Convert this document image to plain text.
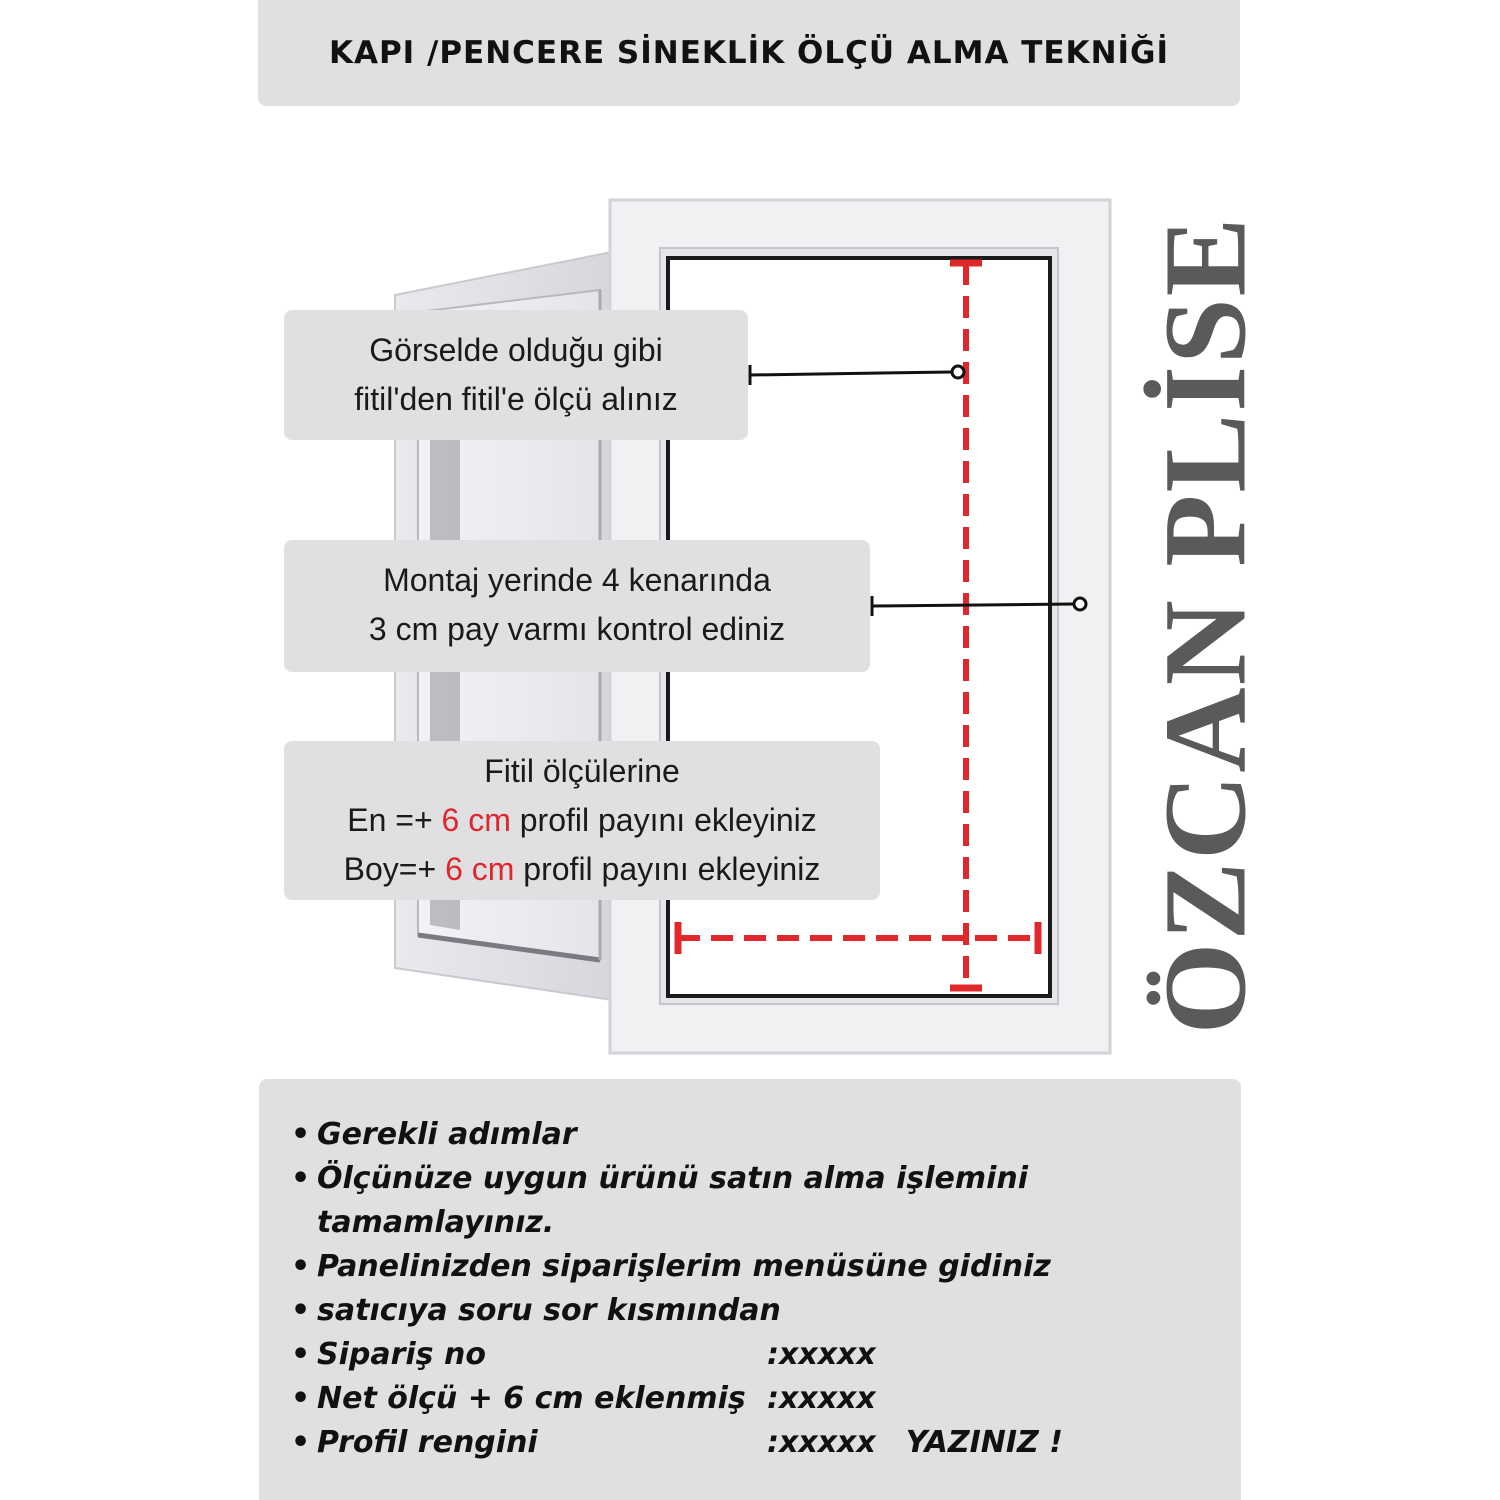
KAPI /PENCERE SİNEKLİK ÖLÇÜ ALMA TEKNİĞİ
Görselde olduğu gibi
fitil'den fitil'e ölçü alınız
Montaj yerinde 4 kenarında
3 cm pay varmı kontrol ediniz
Fitil ölçülerine
En =+ 6 cm profil payını ekleyiniz
Boy=+ 6 cm profil payını ekleyiniz	ÖZCAN PLİSE
• Gerekli adımlar
• Ölçünüze uygun ürünü satın alma işlemini
tamamlayınız.
• Panelinizden siparişlerim menüsüne gidiniz
• satıcıya soru sor kısmından
• Sipariş no	:xxxxx
• Net ölçü + 6 cm eklenmiş :xxxxx
• Profil rengini	:xxxxx YAZINIZ !
